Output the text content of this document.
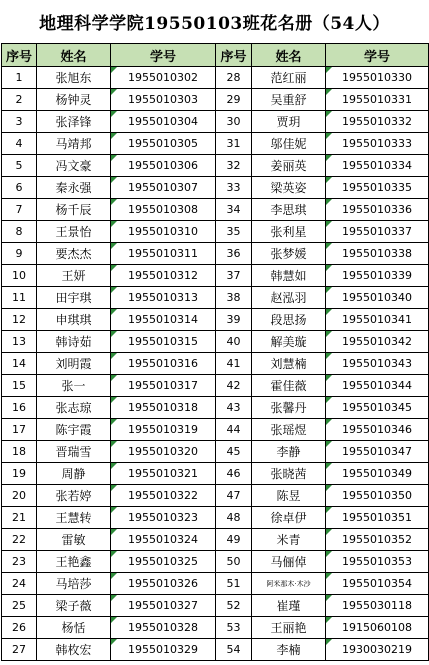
地理科学学院19550103班花名册（54人）
序号	姓名	学号	序号	姓名	学号
1	张旭东	1955010302	28	范红丽	1955010330
2	杨钟灵	1955010303	29	吴重舒	1955010331
3	张泽锋	1955010304	30	贾玥	1955010332
4	马靖邦	1955010305	31	邬佳妮	1955010333
5	冯文豪	1955010306	32	姜丽英	1955010334
6	秦永强	1955010307	33	梁英姿	1955010335
7	杨千辰	1955010308	34	李思琪	1955010336
8	王景怡	1955010310	35	张利星	1955010337
9	要杰杰	1955010311	36	张梦媛	1955010338
10	王妍	1955010312	37	韩慧如	1955010339
11	田宇琪	1955010313	38	赵泓羽	1955010340
12	申琪琪	1955010314	39	段思扬	1955010341
13	韩诗茹	1955010315	40	解美璇	1955010342
14	刘明霞	1955010316	41	刘慧楠	1955010343
15	张一	1955010317	42	霍佳薇	1955010344
16	张志琼	1955010318	43	张馨丹	1955010345
17	陈宇霞	1955010319	44	张瑶煜	1955010346
18	晋瑞雪	1955010320	45	李静	1955010347
19	周静	1955010321	46	张晓茜	1955010349
20	张若婷	1955010322	47	陈昱	1955010350
21	王慧转	1955010323	48	徐卓伊	1955010351
22	雷敏	1955010324	49	米青	1955010352
23	王艳鑫	1955010325	50	马俪倬	1955010353
24	马培莎	1955010326	51	阿米那木·木沙	1955010354
25	梁子薇	1955010327	52	崔瑾	1955030118
26	杨恬	1955010328	53	王丽艳	1915060108
27	韩枚宏	1955010329	54	李楠	1930030219
